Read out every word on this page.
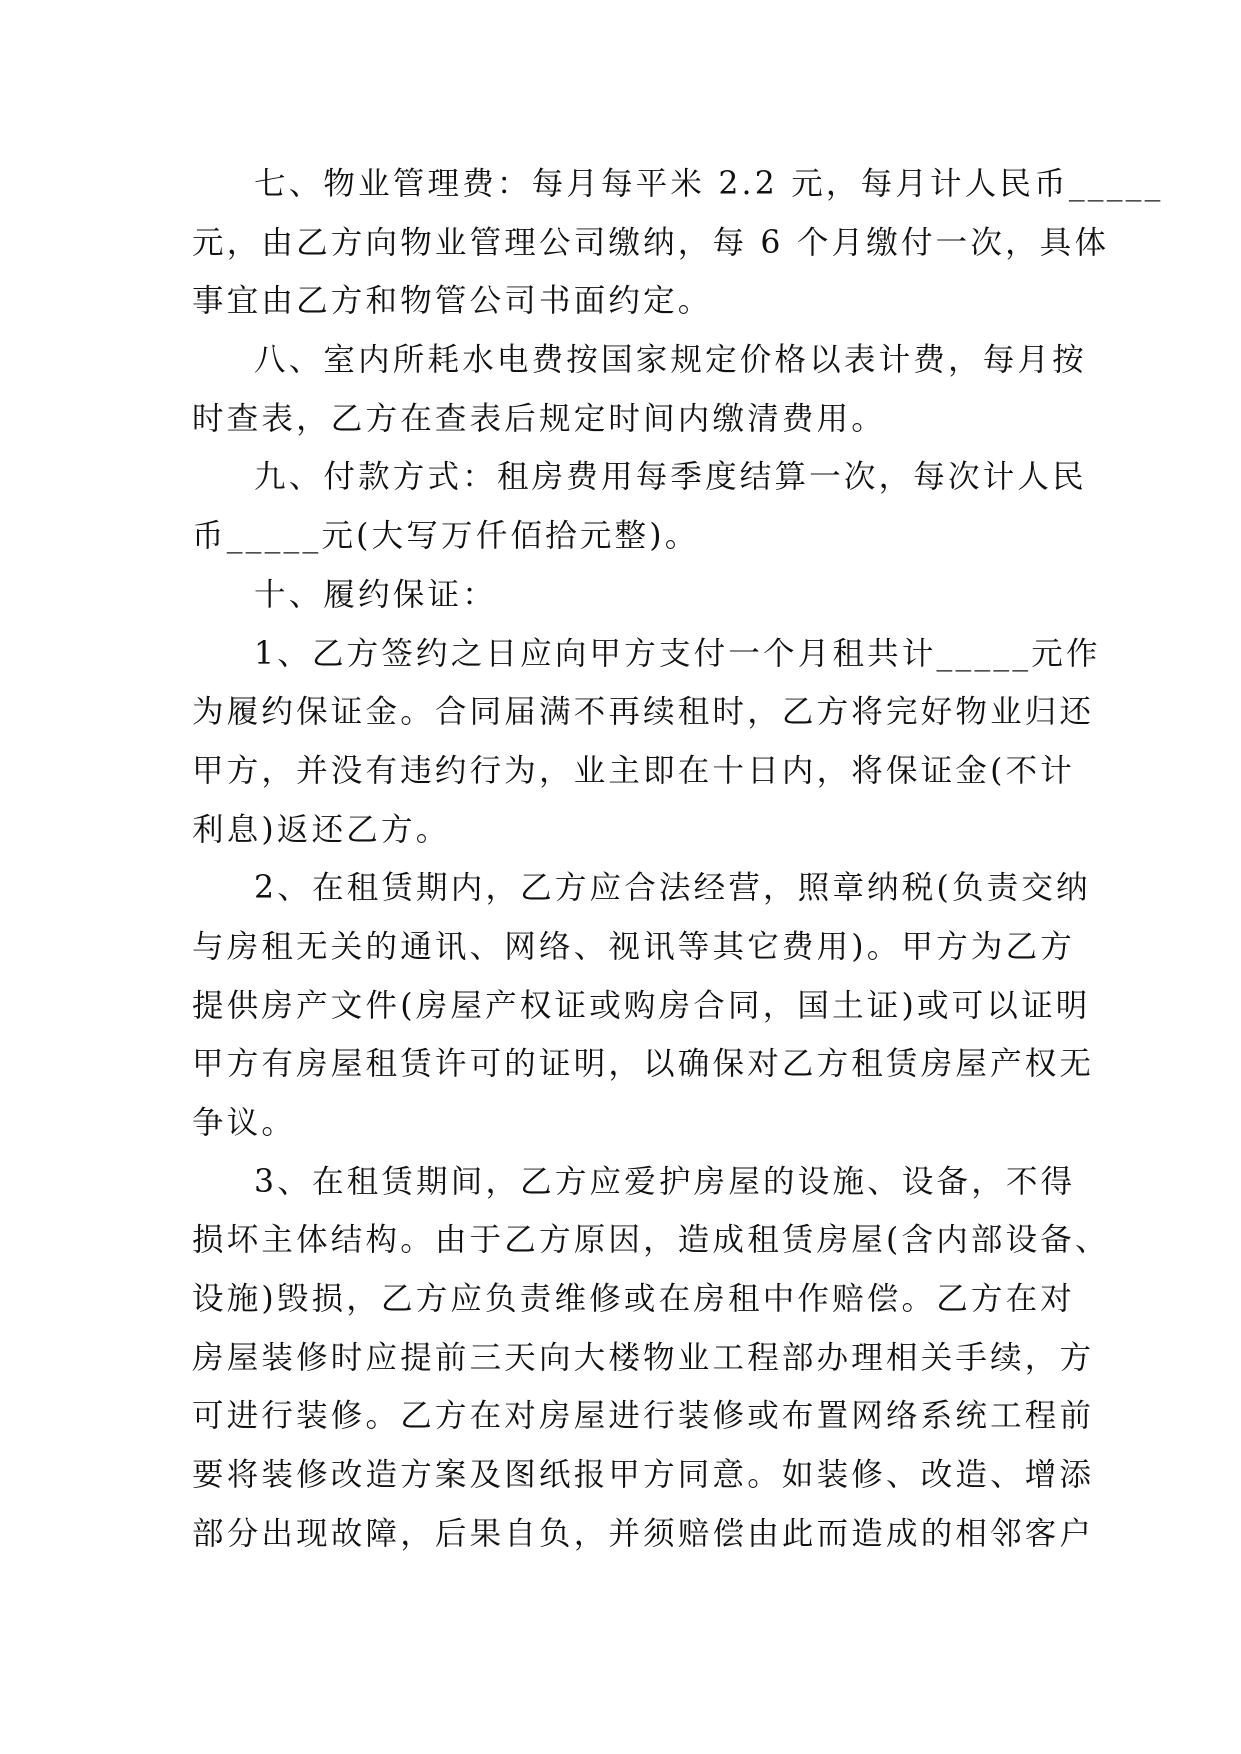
七、物业管理费：每月每平米 2.2 元，每月计人民币_____
元，由乙方向物业管理公司缴纳，每 6 个月缴付一次，具体
事宜由乙方和物管公司书面约定。
八、室内所耗水电费按国家规定价格以表计费，每月按
时查表，乙方在查表后规定时间内缴清费用。
九、付款方式：租房费用每季度结算一次，每次计人民
币_____元(大写万仟佰拾元整)。
十、履约保证：
1、乙方签约之日应向甲方支付一个月租共计_____元作
为履约保证金。合同届满不再续租时，乙方将完好物业归还
甲方，并没有违约行为，业主即在十日内，将保证金(不计
利息)返还乙方。
2、在租赁期内，乙方应合法经营，照章纳税(负责交纳
与房租无关的通讯、网络、视讯等其它费用)。甲方为乙方
提供房产文件(房屋产权证或购房合同，国土证)或可以证明
甲方有房屋租赁许可的证明，以确保对乙方租赁房屋产权无
争议。
3、在租赁期间，乙方应爱护房屋的设施、设备，不得
损坏主体结构。由于乙方原因，造成租赁房屋(含内部设备、
设施)毁损，乙方应负责维修或在房租中作赔偿。乙方在对
房屋装修时应提前三天向大楼物业工程部办理相关手续，方
可进行装修。乙方在对房屋进行装修或布置网络系统工程前
要将装修改造方案及图纸报甲方同意。如装修、改造、增添
部分出现故障，后果自负，并须赔偿由此而造成的相邻客户
